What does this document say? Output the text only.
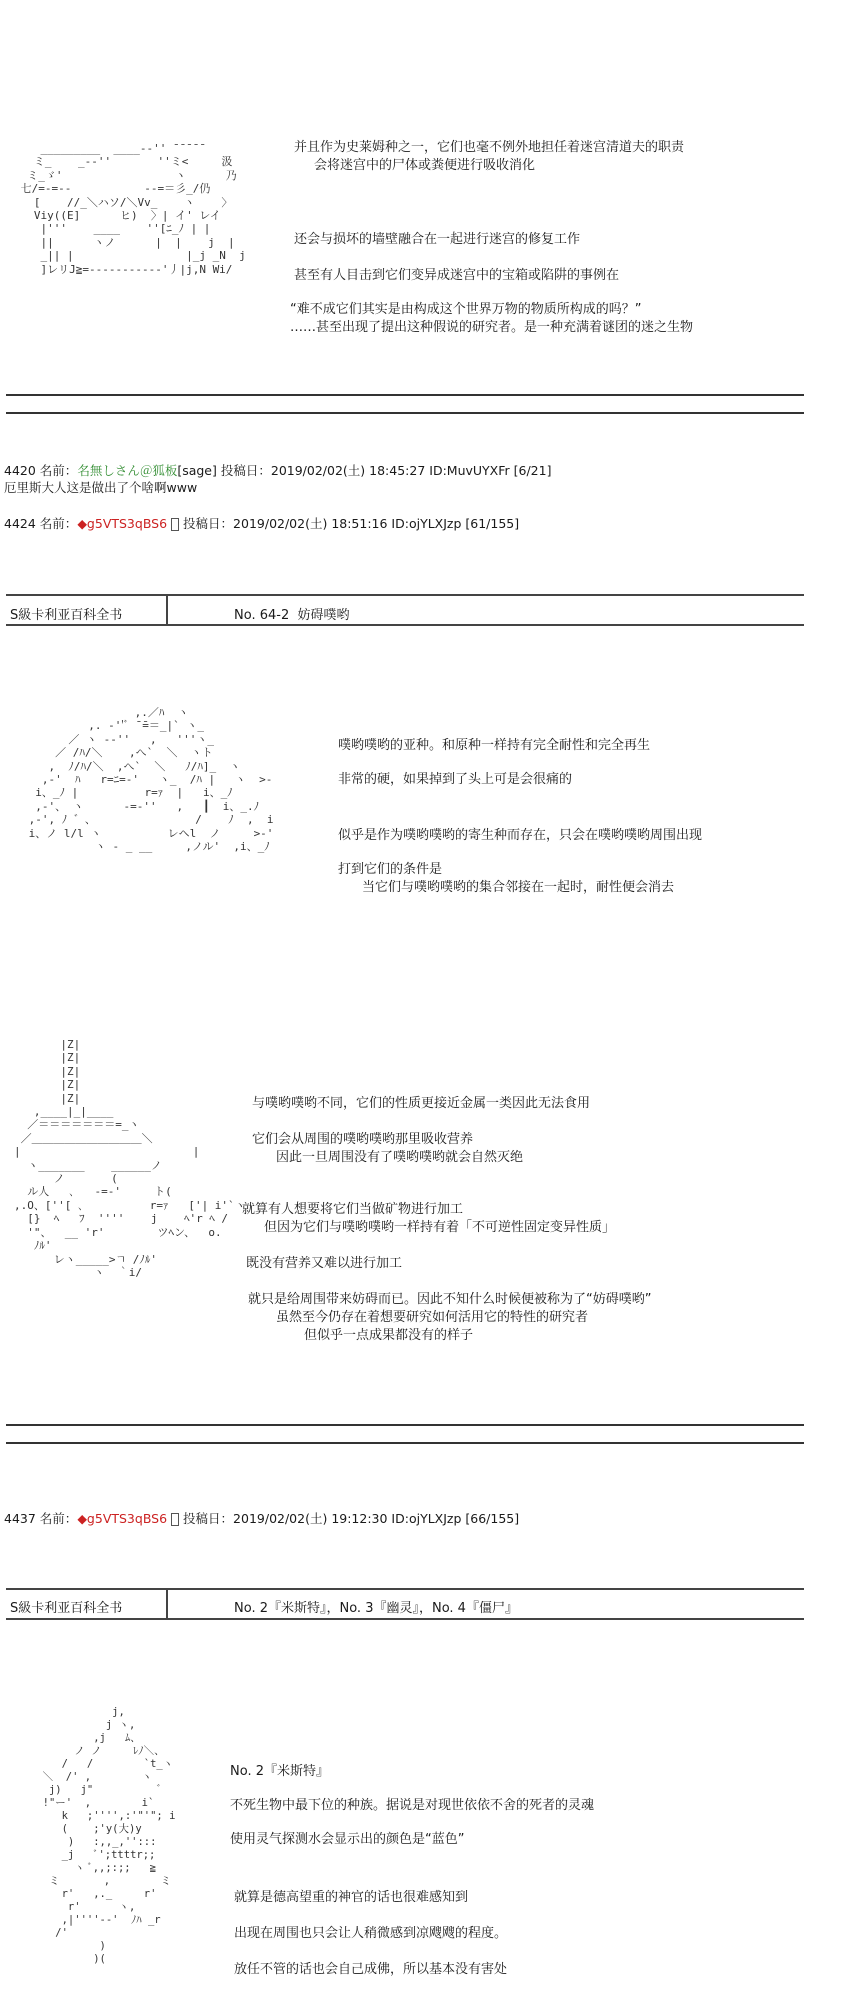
_________  ____--'' ̄ ̄ ̄ ̄ ̄
ミ_    _--''       ''ミ<     汲
ミ_ゞ'                 ヽ      乃
七/=-=--           --=＝彡_/仍
[    //_＼ハソ/＼Vv_    ヽ    〉
Viy((E]      ヒ)  〉| イ' レイ
|'''    ____    ''[ﾆ_ﾉ | |
||      ヽノ      |  |    j  |
_|| |                 |_j _N  j
]レリJ≧=-----------'丿|j,N Wi/
并且作为史莱姆种之一，它们也毫不例外地担任着迷宫清道夫的职责
会将迷宫中的尸体或粪便进行吸收消化
还会与损坏的墙壁融合在一起进行迷宫的修复工作
甚至有人目击到它们变异成迷宫中的宝箱或陷阱的事例在
“难不成它们其实是由构成这个世界万物的物质所构成的吗？”
……甚至出现了提出这种假说的研究者。是一种充满着谜团的迷之生物
4420 名前：名無しさん＠狐板[sage] 投稿日：2019/02/02(土) 18:45:27 ID:MuvUYXFr [6/21]
厄里斯大人这是做出了个啥啊www
4424 名前：◆g5VTS3qBS6 投稿日：2019/02/02(土) 18:51:16 ID:ojYLXJzp [61/155]
S級卡利亚百科全书	No. 64-2  妨碍噗哟
,.／ﾊ  ヽ
,. -''ﾞ ̄ ̄=＝_|` ヽ_
／ ヽ -‐''   ,   '''ヽ_
／ /ﾊ/＼    ,へ`  ＼  ヽト
,  ﾉ/ﾊ/＼  ,へ`  ＼   ﾉ/ﾊ]_  ヽ
,‐'  ﾊ   r=ﾆ=‐'   ヽ_  /ﾊ |   ヽ  >-
i、_ﾉ |          r=ｧ  |   i、_ﾉ
,-'、 ヽ      ‐=-''   ,   ┃  i、_.ﾉ
,-', ﾉ ゛、               /    ﾉ  ,  i
i、ノ l/l ヽ          レヘl  ノ     >-'
ヽ ‐ _ __     ,ノル'  ,i、_ﾉ
噗哟噗哟的亚种。和原种一样持有完全耐性和完全再生
非常的硬，如果掉到了头上可是会很痛的
似乎是作为噗哟噗哟的寄生种而存在，只会在噗哟噗哟周围出现
打到它们的条件是
当它们与噗哟噗哟的集合邻接在一起时，耐性便会消去
|Z|
|Z|
|Z|
|Z|
|Z|
,____|_|____
／＝＝＝＝＝＝＝=_ヽ
／＿＿＿＿＿＿＿＿＿＿＼
|                          |
ヽ_______    ______ノ
ノ       (
ル人   ､   ‐=‐'     ト(
,.O、[''[ ､          r=ｧ   ['| i'`ヽ
[}  ﾍ   ﾌ  ''''    j    ﾍ'r ﾍ /
'"、  __ 'r'        ツﾍン、  o.
ﾉﾙ'
レヽ_____>ㄱ /ﾉﾙ'
ヽ  ｀i/
与噗哟噗哟不同，它们的性质更接近金属一类因此无法食用
它们会从周围的噗哟噗哟那里吸收营养
因此一旦周围没有了噗哟噗哟就会自然灭绝
就算有人想要将它们当做矿物进行加工
但因为它们与噗哟噗哟一样持有着「不可逆性固定变异性质」
既没有营养又难以进行加工
就只是给周围带来妨碍而已。因此不知什么时候便被称为了“妨碍噗哟”
虽然至今仍存在着想要研究如何活用它的特性的研究者
但似乎一点成果都没有的样子
4437 名前：◆g5VTS3qBS6 投稿日：2019/02/02(土) 19:12:30 ID:ojYLXJzp [66/155]
S級卡利亚百科全书	No. 2『米斯特』，No. 3『幽灵』，No. 4『僵尸』
j,
j ヽ,
,j   ﾑ、
ノ ノ     ﾚﾉ＼、
/   /        `t_ヽ
＼  /' ,        ヽ
j)   j"          ゛
!"ー'  ,        i`
k   ;'''',:'"'"; i
(    ;'y(大)y
)   :,,_,'':::
_j   ﾞ';ttttr;;
ヽ ﾞ,,;:;;   ≧
ミ       ,        ミ
r'   ,._     r'
r'      ヽ,
,|''''--'  ﾉﾊ _r
/'
)
)(
No. 2『米斯特』
不死生物中最下位的种族。据说是对现世依依不舍的死者的灵魂
使用灵气探测水会显示出的颜色是“蓝色”
就算是德高望重的神官的话也很难感知到
出现在周围也只会让人稍微感到凉飕飕的程度。
放任不管的话也会自己成佛，所以基本没有害处
